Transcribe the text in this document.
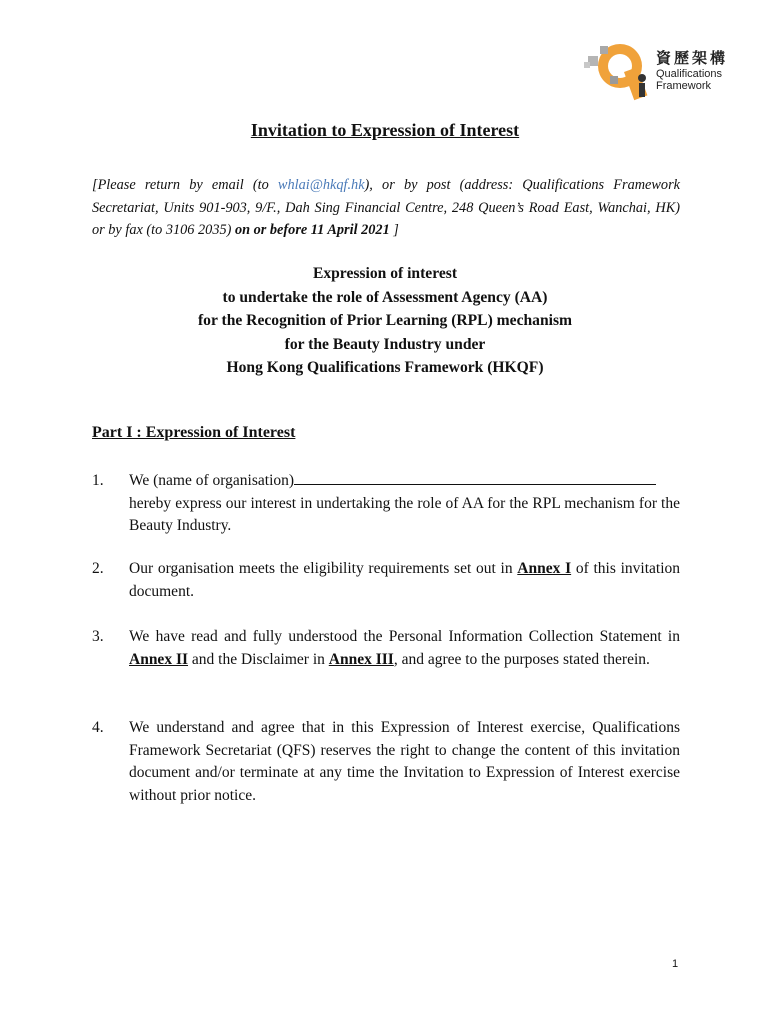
資歷架構
Qualifications
Framework
Invitation to Expression of Interest
[Please return by email (to whlai@hkqf.hk), or by post (address: Qualifications Framework Secretariat, Units 901-903, 9/F., Dah Sing Financial Centre, 248 Queen’s Road East, Wanchai, HK) or by fax (to 3106 2035) on or before 11 April 2021 ]
Expression of interest
to undertake the role of Assessment Agency (AA)
for the Recognition of Prior Learning (RPL) mechanism
for the Beauty Industry under
Hong Kong Qualifications Framework (HKQF)
Part I : Expression of Interest
1. We (name of organisation)
hereby express our interest in undertaking the role of AA for the RPL mechanism for the Beauty Industry.
2. Our organisation meets the eligibility requirements set out in Annex I of this invitation document.
3. We have read and fully understood the Personal Information Collection Statement in Annex II and the Disclaimer in Annex III, and agree to the purposes stated therein.
4. We understand and agree that in this Expression of Interest exercise, Qualifications Framework Secretariat (QFS) reserves the right to change the content of this invitation document and/or terminate at any time the Invitation to Expression of Interest exercise without prior notice.
1
